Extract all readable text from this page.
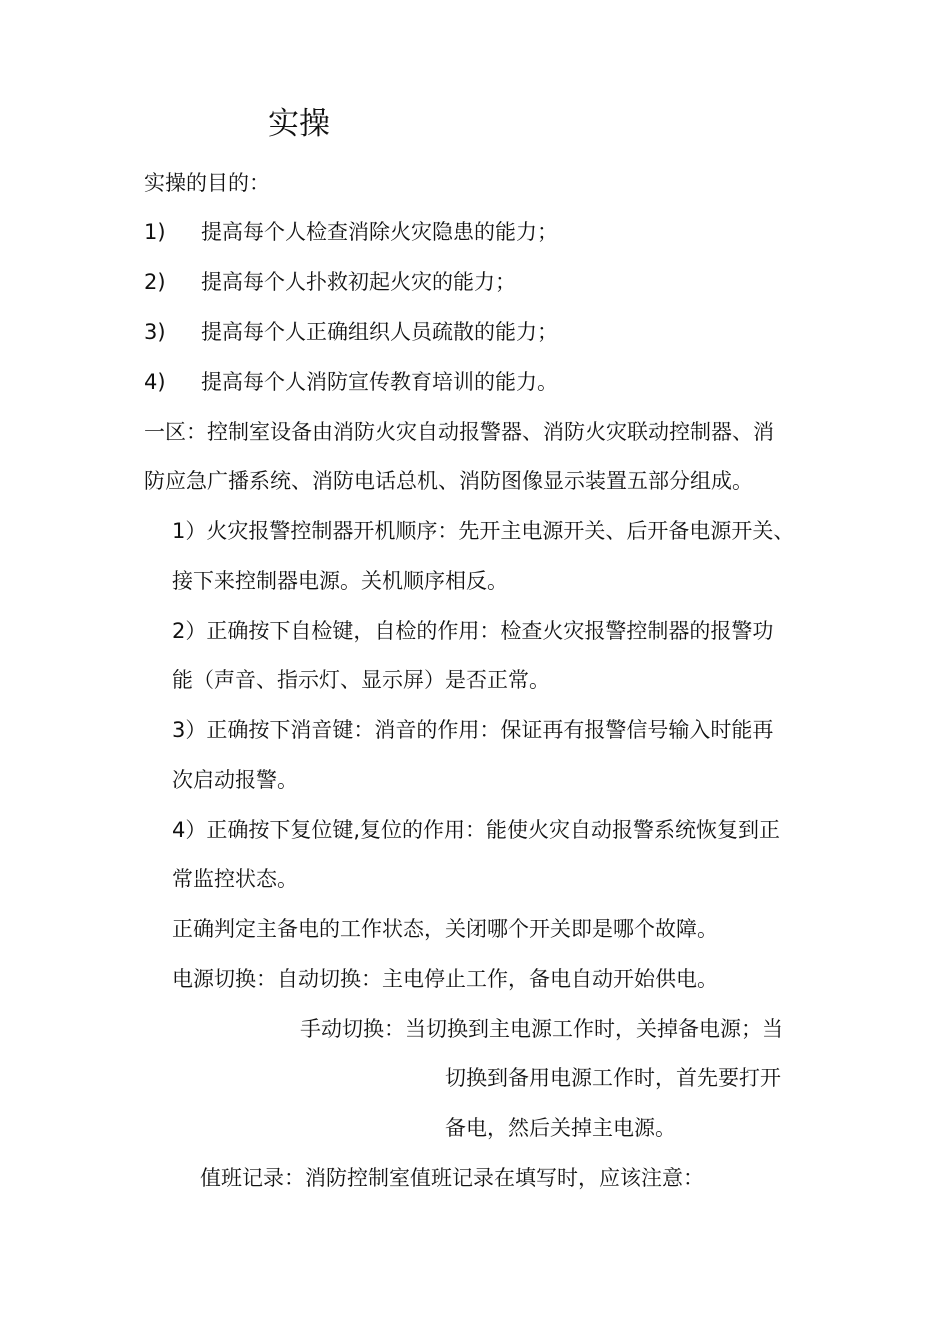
实操
实操的目的：
1) 提高每个人检查消除火灾隐患的能力；
2) 提高每个人扑救初起火灾的能力；
3) 提高每个人正确组织人员疏散的能力；
4) 提高每个人消防宣传教育培训的能力。
一区：控制室设备由消防火灾自动报警器、消防火灾联动控制器、消
防应急广播系统、消防电话总机、消防图像显示装置五部分组成。
1）火灾报警控制器开机顺序：先开主电源开关、后开备电源开关、
接下来控制器电源。关机顺序相反。
2）正确按下自检键，自检的作用：检查火灾报警控制器的报警功
能（声音、指示灯、显示屏）是否正常。
3）正确按下消音键：消音的作用：保证再有报警信号输入时能再
次启动报警。
4）正确按下复位键,复位的作用：能使火灾自动报警系统恢复到正
常监控状态。
正确判定主备电的工作状态，关闭哪个开关即是哪个故障。
电源切换：自动切换：主电停止工作，备电自动开始供电。
手动切换：当切换到主电源工作时，关掉备电源；当
切换到备用电源工作时，首先要打开
备电，然后关掉主电源。
值班记录：消防控制室值班记录在填写时，应该注意：
